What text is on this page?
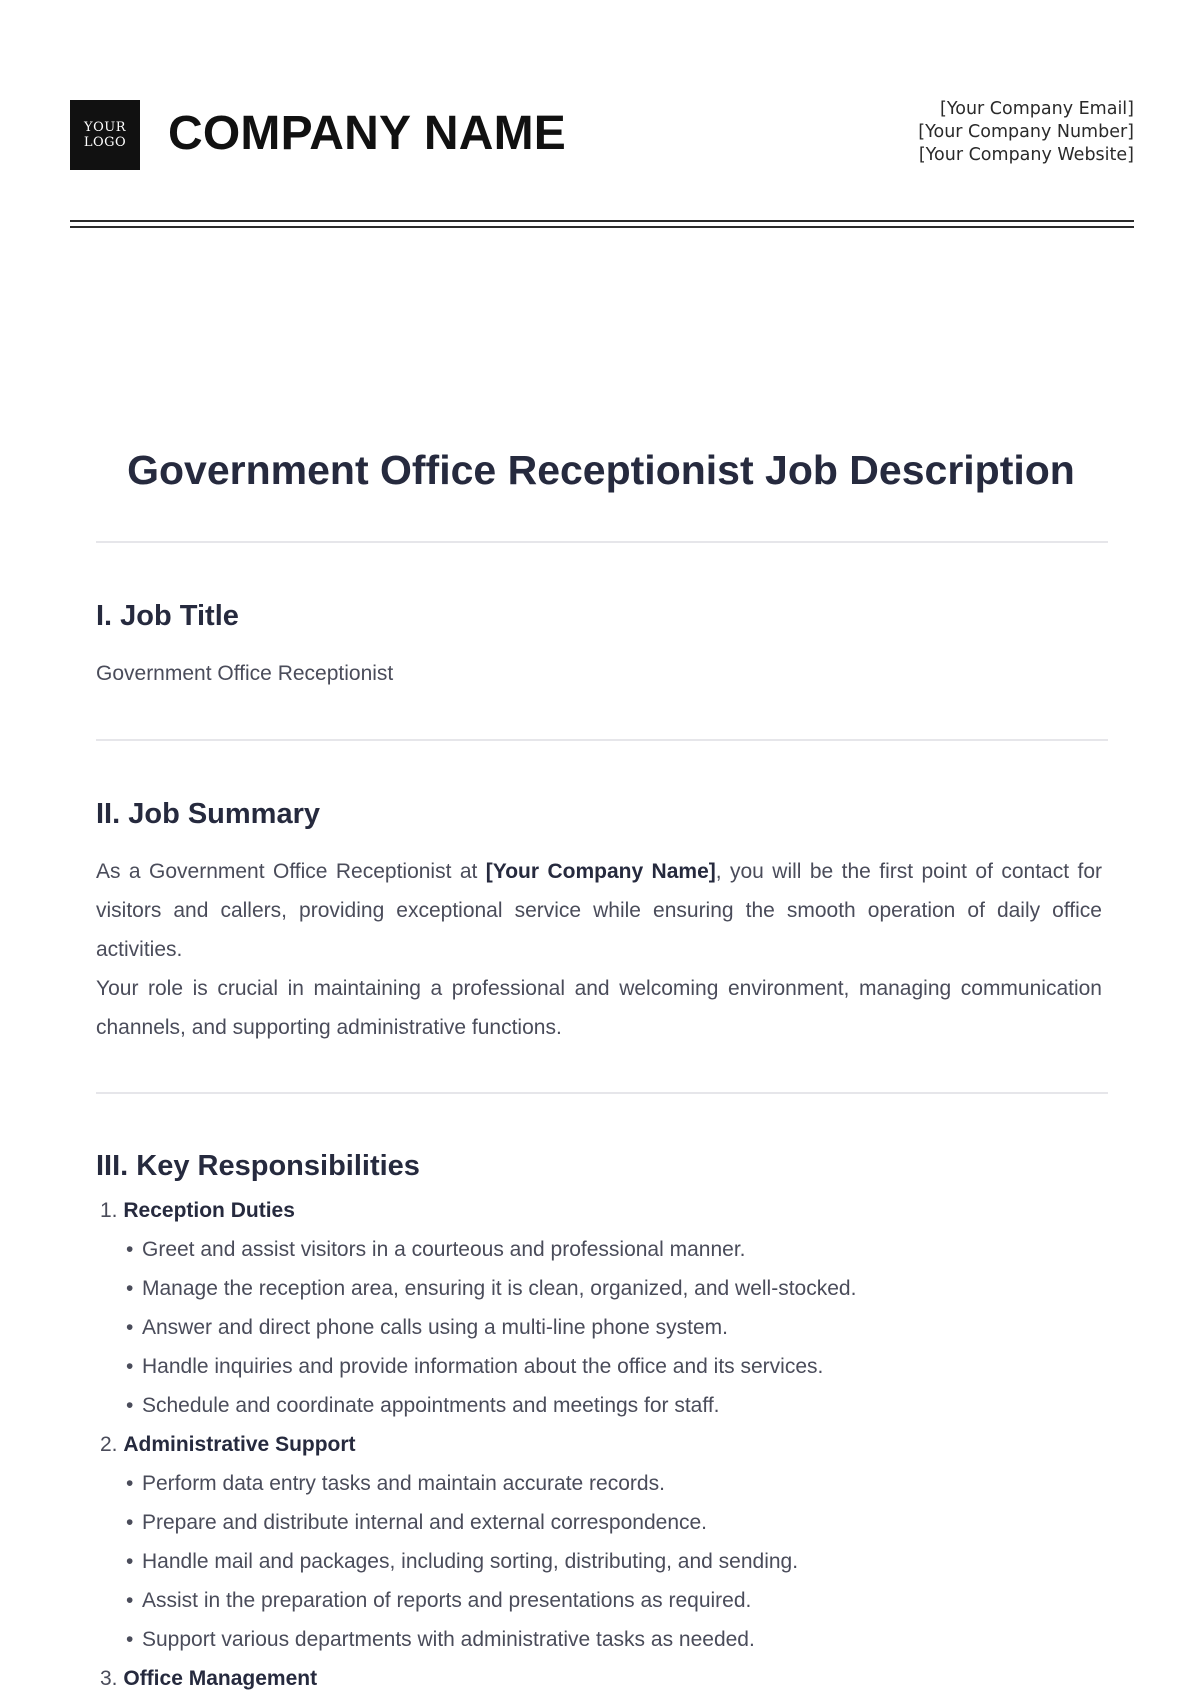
YOUR
LOGO COMPANY NAME	[Your Company Email]
[Your Company Number]
[Your Company Website]
Government Office Receptionist Job Description
I. Job Title
Government Office Receptionist
II. Job Summary

As a Government Office Receptionist at [Your Company Name], you will be the first point of contact for visitors and callers, providing exceptional service while ensuring the smooth operation of daily office activities.

Your role is crucial in maintaining a professional and welcoming environment, managing communication channels, and supporting administrative functions.

III. Key Responsibilities
1. Reception Duties
• Greet and assist visitors in a courteous and professional manner.
• Manage the reception area, ensuring it is clean, organized, and well-stocked.
• Answer and direct phone calls using a multi-line phone system.
• Handle inquiries and provide information about the office and its services.
• Schedule and coordinate appointments and meetings for staff.
2. Administrative Support
• Perform data entry tasks and maintain accurate records.
• Prepare and distribute internal and external correspondence.
• Handle mail and packages, including sorting, distributing, and sending.
• Assist in the preparation of reports and presentations as required.
• Support various departments with administrative tasks as needed.
3. Office Management
